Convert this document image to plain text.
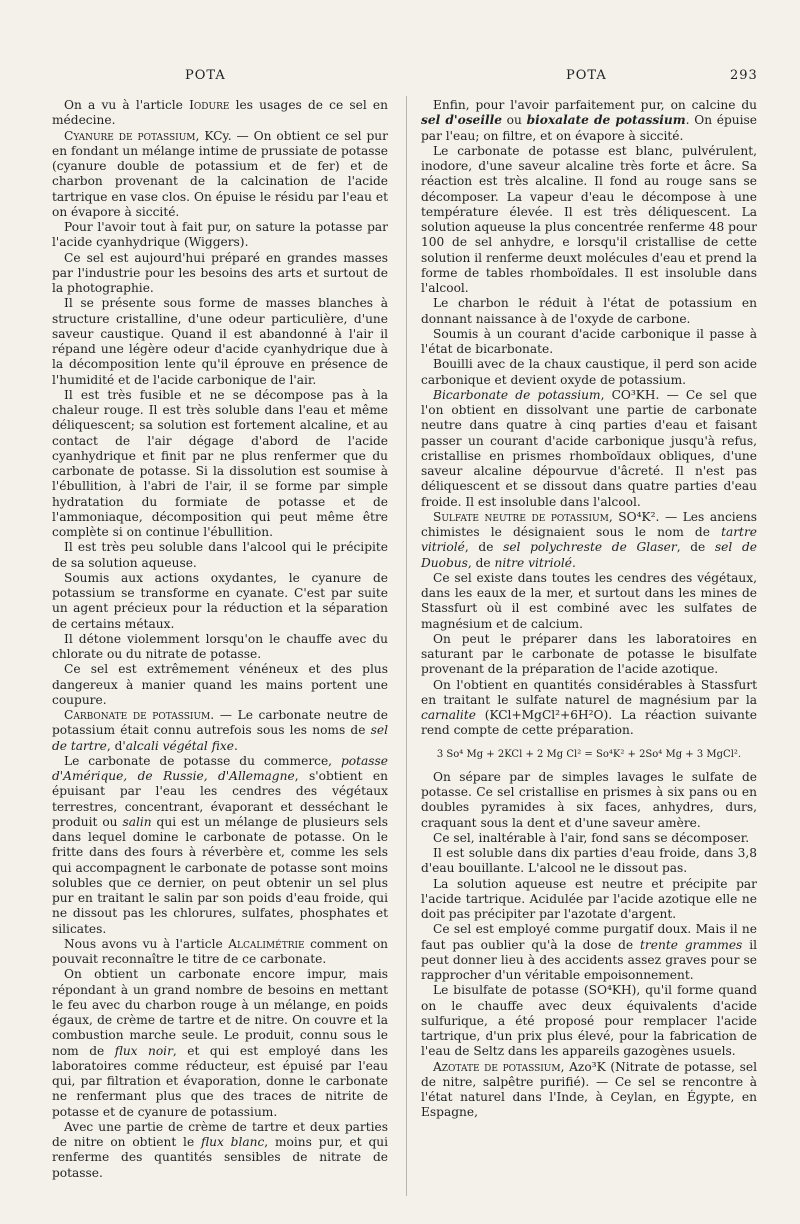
POTA	POTA	293

On a vu à l'article Iodure les usages de ce sel en médecine.

Cyanure de potassium, KCy. — On obtient ce sel pur en fondant un mélange intime de prussiate de potasse (cyanure double de potassium et de fer) et de charbon provenant de la calcination de l'acide tartrique en vase clos. On épuise le résidu par l'eau et on évapore à siccité.

Pour l'avoir tout à fait pur, on sature la potasse par l'acide cyanhydrique (Wiggers).

Ce sel est aujourd'hui préparé en grandes masses par l'industrie pour les besoins des arts et surtout de la photographie.

Il se présente sous forme de masses blanches à structure cristalline, d'une odeur particulière, d'une saveur caustique. Quand il est abandonné à l'air il répand une légère odeur d'acide cyanhydrique due à la décomposition lente qu'il éprouve en présence de l'humidité et de l'acide carbonique de l'air.

Il est très fusible et ne se décompose pas à la chaleur rouge. Il est très soluble dans l'eau et même déliquescent; sa solution est fortement alcaline, et au contact de l'air dégage d'abord de l'acide cyanhydrique et finit par ne plus renfermer que du carbonate de potasse. Si la dissolution est soumise à l'ébullition, à l'abri de l'air, il se forme par simple hydratation du formiate de potasse et de l'ammoniaque, décomposition qui peut même être complète si on continue l'ébullition.

Il est très peu soluble dans l'alcool qui le précipite de sa solution aqueuse.

Soumis aux actions oxydantes, le cyanure de potassium se transforme en cyanate. C'est par suite un agent précieux pour la réduction et la séparation de certains métaux.

Il détone violemment lorsqu'on le chauffe avec du chlorate ou du nitrate de potasse.

Ce sel est extrêmement vénéneux et des plus dangereux à manier quand les mains portent une coupure.

Carbonate de potassium. — Le carbonate neutre de potassium était connu autrefois sous les noms de sel de tartre, d'alcali végétal fixe.

Le carbonate de potasse du commerce, potasse d'Amérique, de Russie, d'Allemagne, s'obtient en épuisant par l'eau les cendres des végétaux terrestres, concentrant, évaporant et desséchant le produit ou salin qui est un mélange de plusieurs sels dans lequel domine le carbonate de potasse. On le fritte dans des fours à réverbère et, comme les sels qui accompagnent le carbonate de potasse sont moins solubles que ce dernier, on peut obtenir un sel plus pur en traitant le salin par son poids d'eau froide, qui ne dissout pas les chlorures, sulfates, phosphates et silicates.

Nous avons vu à l'article Alcalimétrie comment on pouvait reconnaître le titre de ce carbonate.

On obtient un carbonate encore impur, mais répondant à un grand nombre de besoins en mettant le feu avec du charbon rouge à un mélange, en poids égaux, de crème de tartre et de nitre. On couvre et la combustion marche seule. Le produit, connu sous le nom de flux noir, et qui est employé dans les laboratoires comme réducteur, est épuisé par l'eau qui, par filtration et évaporation, donne le carbonate ne renfermant plus que des traces de nitrite de potasse et de cyanure de potassium.

Avec une partie de crème de tartre et deux parties de nitre on obtient le flux blanc, moins pur, et qui renferme des quantités sensibles de nitrate de potasse.

Enfin, pour l'avoir parfaitement pur, on calcine du sel d'oseille ou bioxalate de potassium. On épuise par l'eau; on filtre, et on évapore à siccité.

Le carbonate de potasse est blanc, pulvérulent, inodore, d'une saveur alcaline très forte et âcre. Sa réaction est très alcaline. Il fond au rouge sans se décomposer. La vapeur d'eau le décompose à une température élevée. Il est très déliquescent. La solution aqueuse la plus concentrée renferme 48 pour 100 de sel anhydre, e lorsqu'il cristallise de cette solution il renferme deuxt molécules d'eau et prend la forme de tables rhomboïdales. Il est insoluble dans l'alcool.

Le charbon le réduit à l'état de potassium en donnant naissance à de l'oxyde de carbone.

Soumis à un courant d'acide carbonique il passe à l'état de bicarbonate.

Bouilli avec de la chaux caustique, il perd son acide carbonique et devient oxyde de potassium.

Bicarbonate de potassium, CO³KH. — Ce sel que l'on obtient en dissolvant une partie de carbonate neutre dans quatre à cinq parties d'eau et faisant passer un courant d'acide carbonique jusqu'à refus, cristallise en prismes rhomboïdaux obliques, d'une saveur alcaline dépourvue d'âcreté. Il n'est pas déliquescent et se dissout dans quatre parties d'eau froide. Il est insoluble dans l'alcool.

Sulfate neutre de potassium, SO⁴K². — Les anciens chimistes le désignaient sous le nom de tartre vitriolé, de sel polychreste de Glaser, de sel de Duobus, de nitre vitriolé.

Ce sel existe dans toutes les cendres des végétaux, dans les eaux de la mer, et surtout dans les mines de Stassfurt où il est combiné avec les sulfates de magnésium et de calcium.

On peut le préparer dans les laboratoires en saturant par le carbonate de potasse le bisulfate provenant de la préparation de l'acide azotique.

On l'obtient en quantités considérables à Stassfurt en traitant le sulfate naturel de magnésium par la carnalite (KCl+MgCl²+6H²O). La réaction suivante rend compte de cette préparation.

3 So⁴ Mg + 2KCl + 2 Mg Cl² = So⁴K² + 2So⁴ Mg + 3 MgCl².

On sépare par de simples lavages le sulfate de potasse. Ce sel cristallise en prismes à six pans ou en doubles pyramides à six faces, anhydres, durs, craquant sous la dent et d'une saveur amère.

Ce sel, inaltérable à l'air, fond sans se décomposer.

Il est soluble dans dix parties d'eau froide, dans 3,8 d'eau bouillante. L'alcool ne le dissout pas.

La solution aqueuse est neutre et précipite par l'acide tartrique. Acidulée par l'acide azotique elle ne doit pas précipiter par l'azotate d'argent.

Ce sel est employé comme purgatif doux. Mais il ne faut pas oublier qu'à la dose de trente grammes il peut donner lieu à des accidents assez graves pour se rapprocher d'un véritable empoisonnement.

Le bisulfate de potasse (SO⁴KH), qu'il forme quand on le chauffe avec deux équivalents d'acide sulfurique, a été proposé pour remplacer l'acide tartrique, d'un prix plus élevé, pour la fabrication de l'eau de Seltz dans les appareils gazogènes usuels.

Azotate de potassium, Azo³K (Nitrate de potasse, sel de nitre, salpêtre purifié). — Ce sel se rencontre à l'état naturel dans l'Inde, à Ceylan, en Égypte, en Espagne,
